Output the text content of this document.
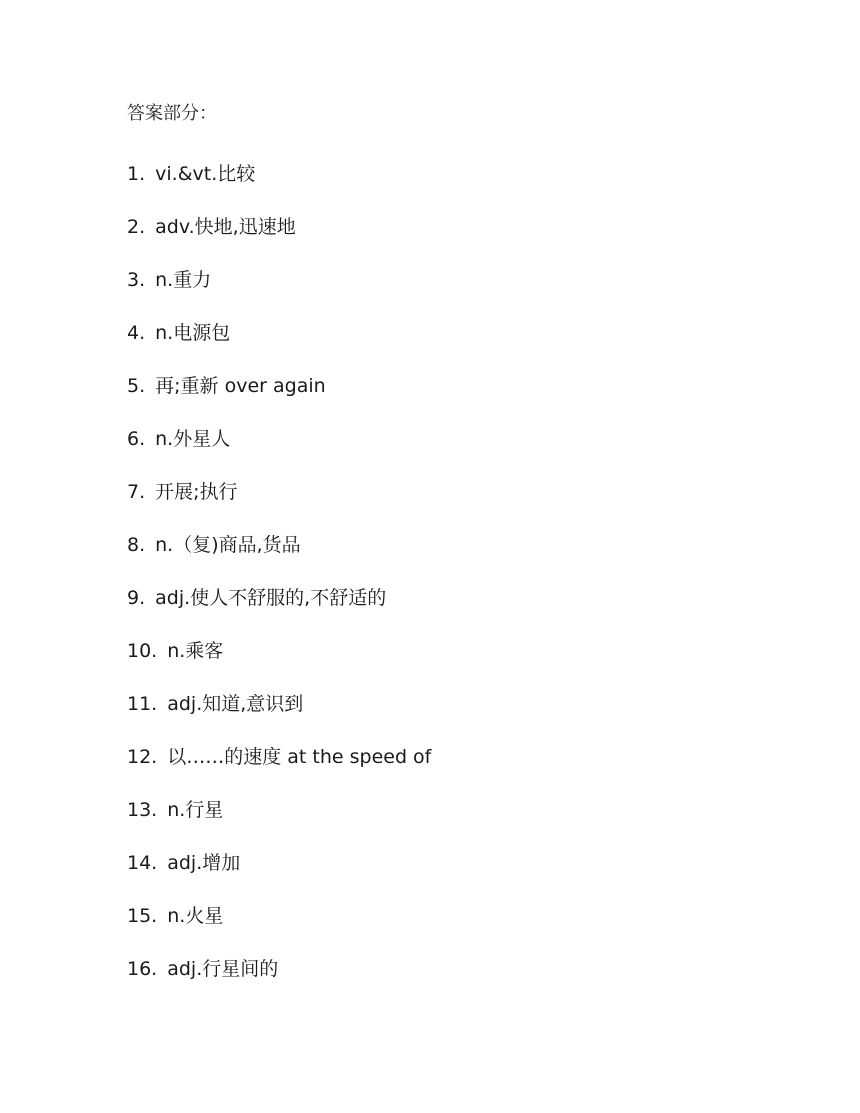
答案部分：
1. vi.&vt.比较
2. adv.快地,迅速地
3. n.重力
4. n.电源包
5. 再;重新 over again
6. n.外星人
7. 开展;执行
8. n.（复)商品,货品
9. adj.使人不舒服的,不舒适的
10. n.乘客
11. adj.知道,意识到
12. 以……的速度 at the speed of
13. n.行星
14. adj.增加
15. n.火星
16. adj.行星间的
